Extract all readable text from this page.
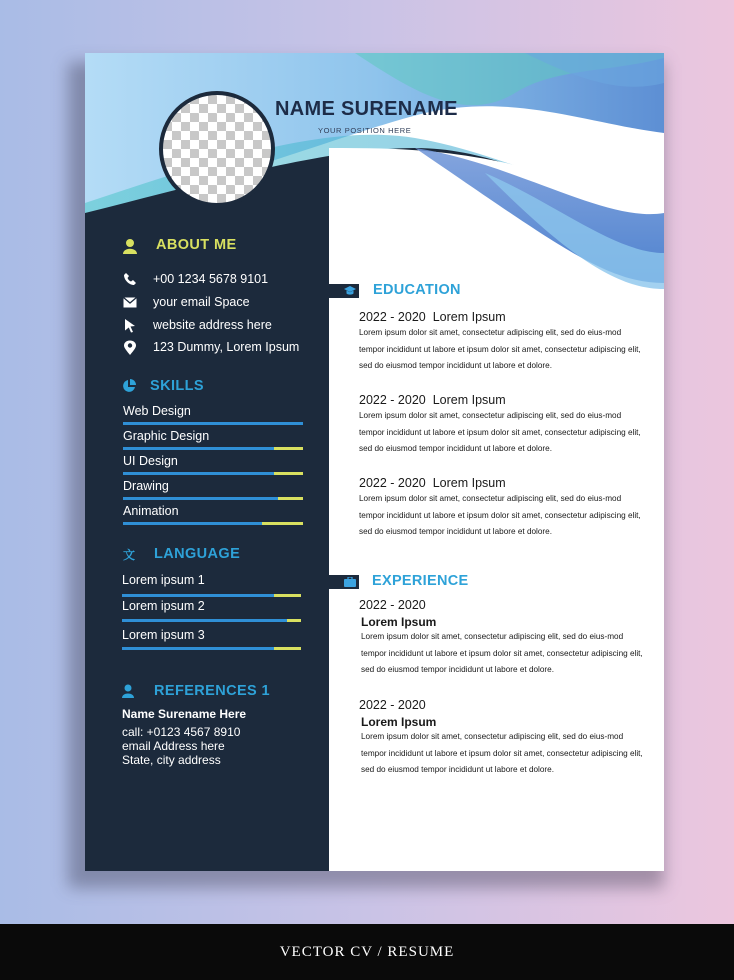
NAME SURENAME
YOUR POSITION HERE
ABOUT ME
+00 1234 5678 9101
your email Space
website address here
123 Dummy, Lorem Ipsum
SKILLS
Web Design
Graphic Design
UI Design
Drawing
Animation
文 LANGUAGE
Lorem ipsum 1
Lorem ipsum 2
Lorem ipsum 3
REFERENCES 1
Name Surename Here
call: +0123 4567 8910
email Address here
State, city address
EDUCATION
2022 - 2020 Lorem Ipsum
Lorem ipsum dolor sit amet, consectetur adipiscing elit, sed do eius-mod tempor incididunt ut labore et ipsum dolor sit amet, consectetur adipiscing elit, sed do eiusmod tempor incididunt ut labore et dolore.
2022 - 2020 Lorem Ipsum
Lorem ipsum dolor sit amet, consectetur adipiscing elit, sed do eius-mod tempor incididunt ut labore et ipsum dolor sit amet, consectetur adipiscing elit, sed do eiusmod tempor incididunt ut labore et dolore.
2022 - 2020 Lorem Ipsum
Lorem ipsum dolor sit amet, consectetur adipiscing elit, sed do eius-mod tempor incididunt ut labore et ipsum dolor sit amet, consectetur adipiscing elit, sed do eiusmod tempor incididunt ut labore et dolore.
EXPERIENCE
2022 - 2020
Lorem Ipsum
Lorem ipsum dolor sit amet, consectetur adipiscing elit, sed do eius-mod tempor incididunt ut labore et ipsum dolor sit amet, consectetur adipiscing elit, sed do eiusmod tempor incididunt ut labore et dolore.
2022 - 2020
Lorem Ipsum
Lorem ipsum dolor sit amet, consectetur adipiscing elit, sed do eius-mod tempor incididunt ut labore et ipsum dolor sit amet, consectetur adipiscing elit, sed do eiusmod tempor incididunt ut labore et dolore.
VECTOR CV / RESUME
